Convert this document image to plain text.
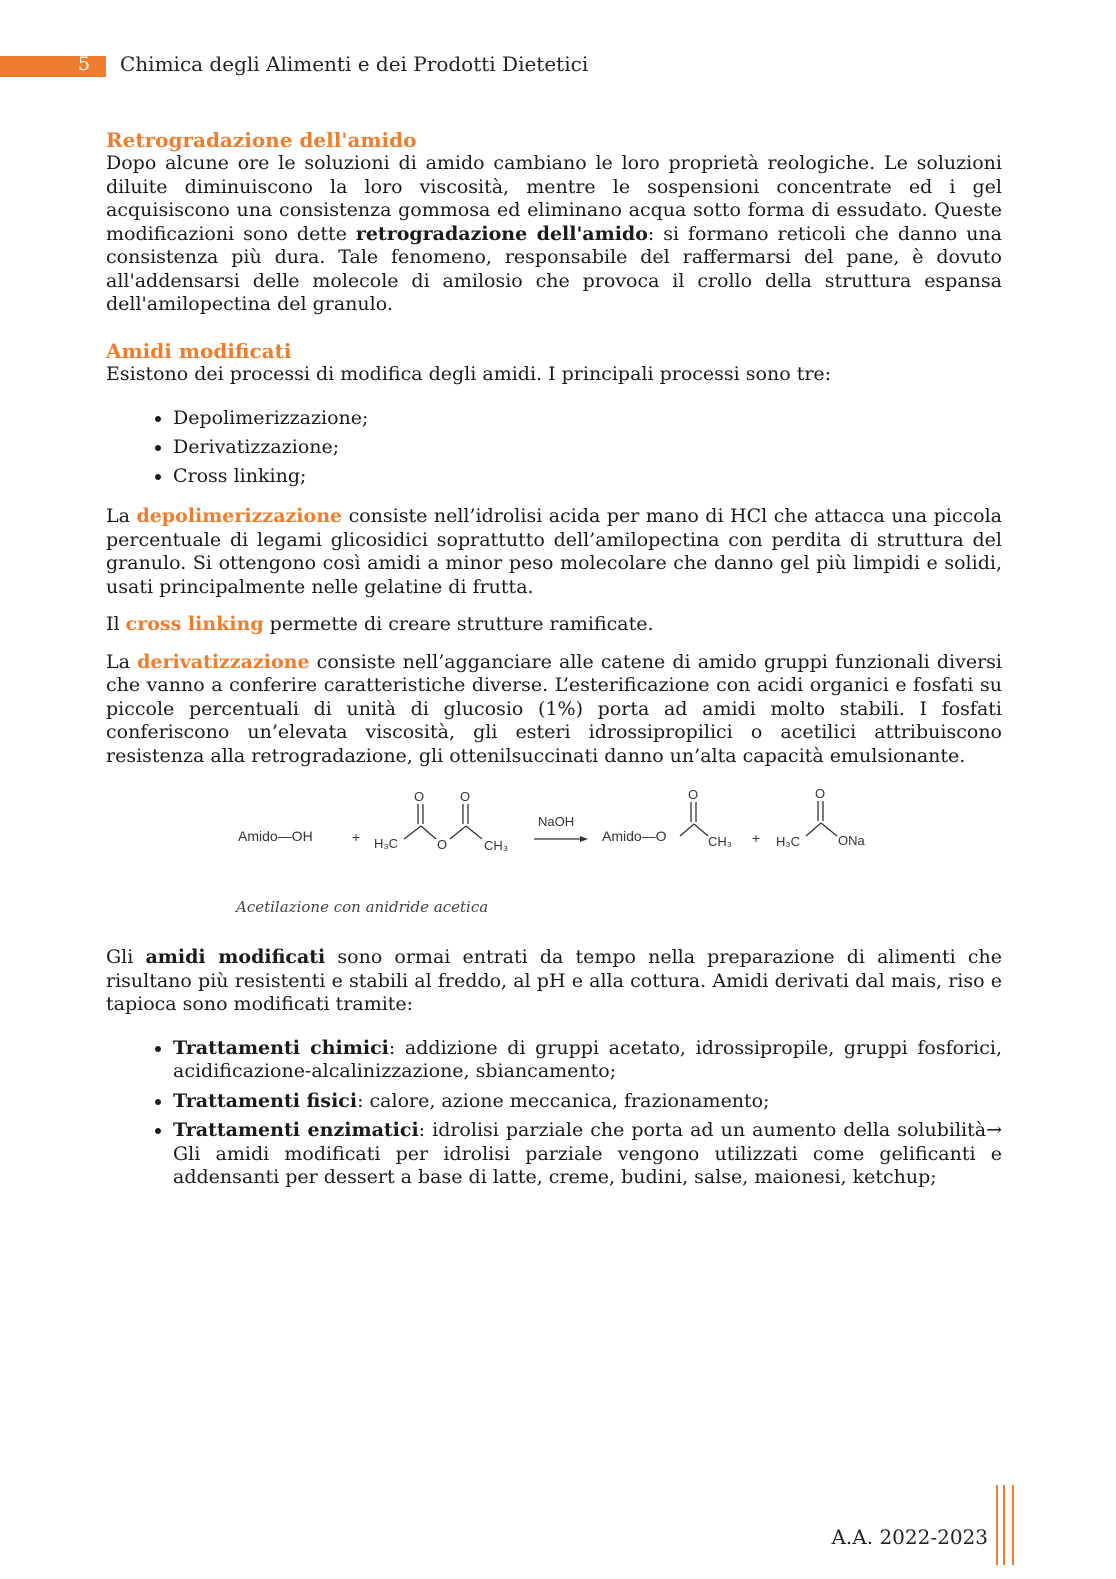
5 Chimica degli Alimenti e dei Prodotti Dietetici
Retrogradazione dell'amido

Dopo alcune ore le soluzioni di amido cambiano le loro proprietà reologiche. Le soluzioni diluite diminuiscono la loro viscosità, mentre le sospensioni concentrate ed i gel acquisiscono una consistenza gommosa ed eliminano acqua sotto forma di essudato. Queste modificazioni sono dette retrogradazione dell'amido: si formano reticoli che danno una consistenza più dura. Tale fenomeno, responsabile del raffermarsi del pane, è dovuto all'addensarsi delle molecole di amilosio che provoca il crollo della struttura espansa dell'amilopectina del granulo.

Amidi modificati

Esistono dei processi di modifica degli amidi. I principali processi sono tre:

• Depolimerizzazione;
• Derivatizzazione;
• Cross linking;

La depolimerizzazione consiste nell’idrolisi acida per mano di HCl che attacca una piccola percentuale di legami glicosidici soprattutto dell’amilopectina con perdita di struttura del granulo. Si ottengono così amidi a minor peso molecolare che danno gel più limpidi e solidi, usati principalmente nelle gelatine di frutta.

Il cross linking permette di creare strutture ramificate.

La derivatizzazione consiste nell’agganciare alle catene di amido gruppi funzionali diversi che vanno a conferire caratteristiche diverse. L’esterificazione con acidi organici e fosfati su piccole percentuali di unità di glucosio (1%) porta ad amidi molto stabili. I fosfati conferiscono un’elevata viscosità, gli esteri idrossipropilici o acetilici attribuiscono resistenza alla retrogradazione, gli ottenilsuccinati danno un’alta capacità emulsionante.

Amido—OH	+ H₃C
O	O
O	CH₃
NaOH
Amido—O
O
CH₃ + H₃C
O
ONa
Acetilazione con anidride acetica

Gli amidi modificati sono ormai entrati da tempo nella preparazione di alimenti che risultano più resistenti e stabili al freddo, al pH e alla cottura. Amidi derivati dal mais, riso e tapioca sono modificati tramite:

• Trattamenti chimici: addizione di gruppi acetato, idrossipropile, gruppi fosforici, acidificazione-alcalinizzazione, sbiancamento;
• Trattamenti fisici: calore, azione meccanica, frazionamento;
• Trattamenti enzimatici: idrolisi parziale che porta ad un aumento della solubilità→ Gli amidi modificati per idrolisi parziale vengono utilizzati come gelificanti e addensanti per dessert a base di latte, creme, budini, salse, maionesi, ketchup;
A.A. 2022-2023
